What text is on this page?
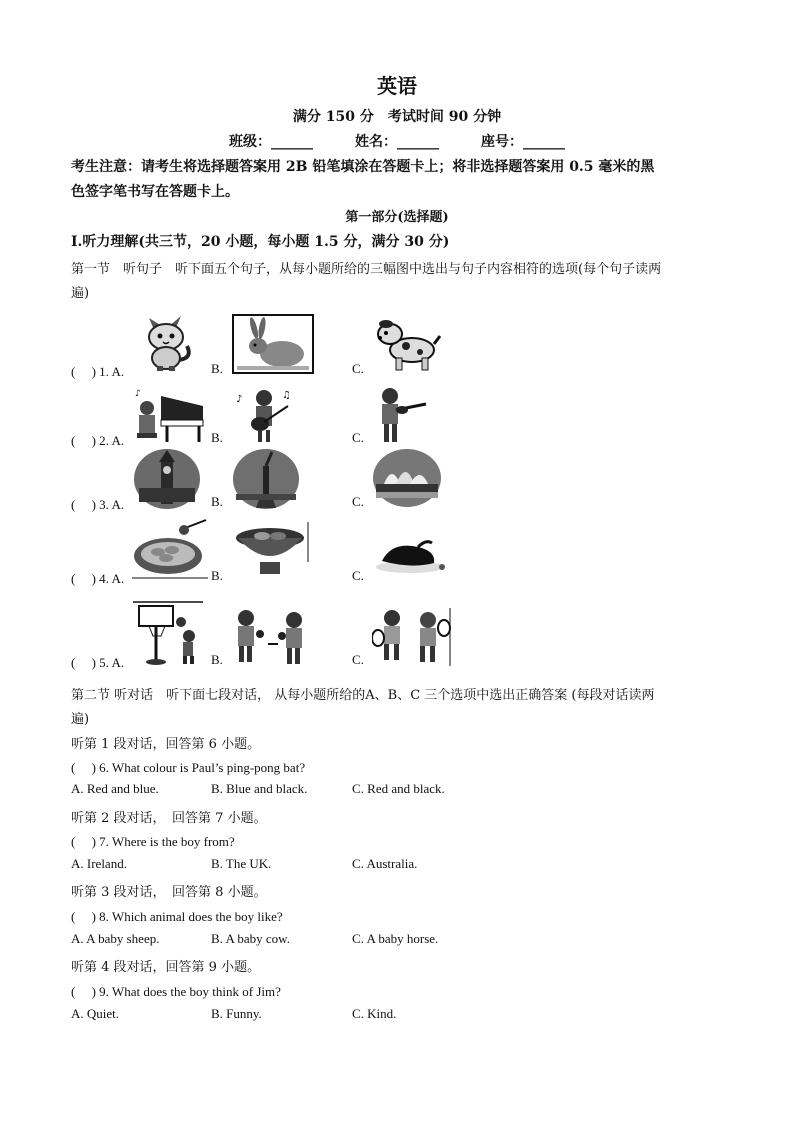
英语
满分 150 分　考试时间 90 分钟
班级：______　　　姓名：______　　　座号：______
考生注意：请考生将选择题答案用 2B 铅笔填涂在答题卡上；将非选择题答案用 0.5 毫米的黑
色签字笔书写在答题卡上。
第一部分(选择题)
I.听力理解(共三节，20 小题，每小题 1.5 分，满分 30 分)
第一节　听句子　听下面五个句子，从每小题所给的三幅图中选出与句子内容相符的选项(每个句子读两
遍)
(　 ) 1. A.	B.	C.
(　 ) 2. A.	B.	C.
♪	♪	♫
(　 ) 3. A.	B.	C.
(　 ) 4. A.	B.	C.
(　 ) 5. A.	B.	C.
第二节 听对话　听下面七段对话， 从每小题所给的A、B、C 三个选项中选出正确答案 (每段对话读两
遍)
听第 1 段对话，回答第 6 小题。
(　 ) 6. What colour is Paul’s ping-pong bat?
A. Red and blue.	B. Blue and black.	C. Red and black.
听第 2 段对话，　回答第 7 小题。
(　 ) 7. Where is the boy from?
A. Ireland.	B. The UK.	C. Australia.
听第 3 段对话，　回答第 8 小题。
(　 ) 8. Which animal does the boy like?
A. A baby sheep.	B. A baby cow.	C. A baby horse.
听第 4 段对话，回答第 9 小题。
(　 ) 9. What does the boy think of Jim?
A. Quiet.	B. Funny.	C. Kind.
